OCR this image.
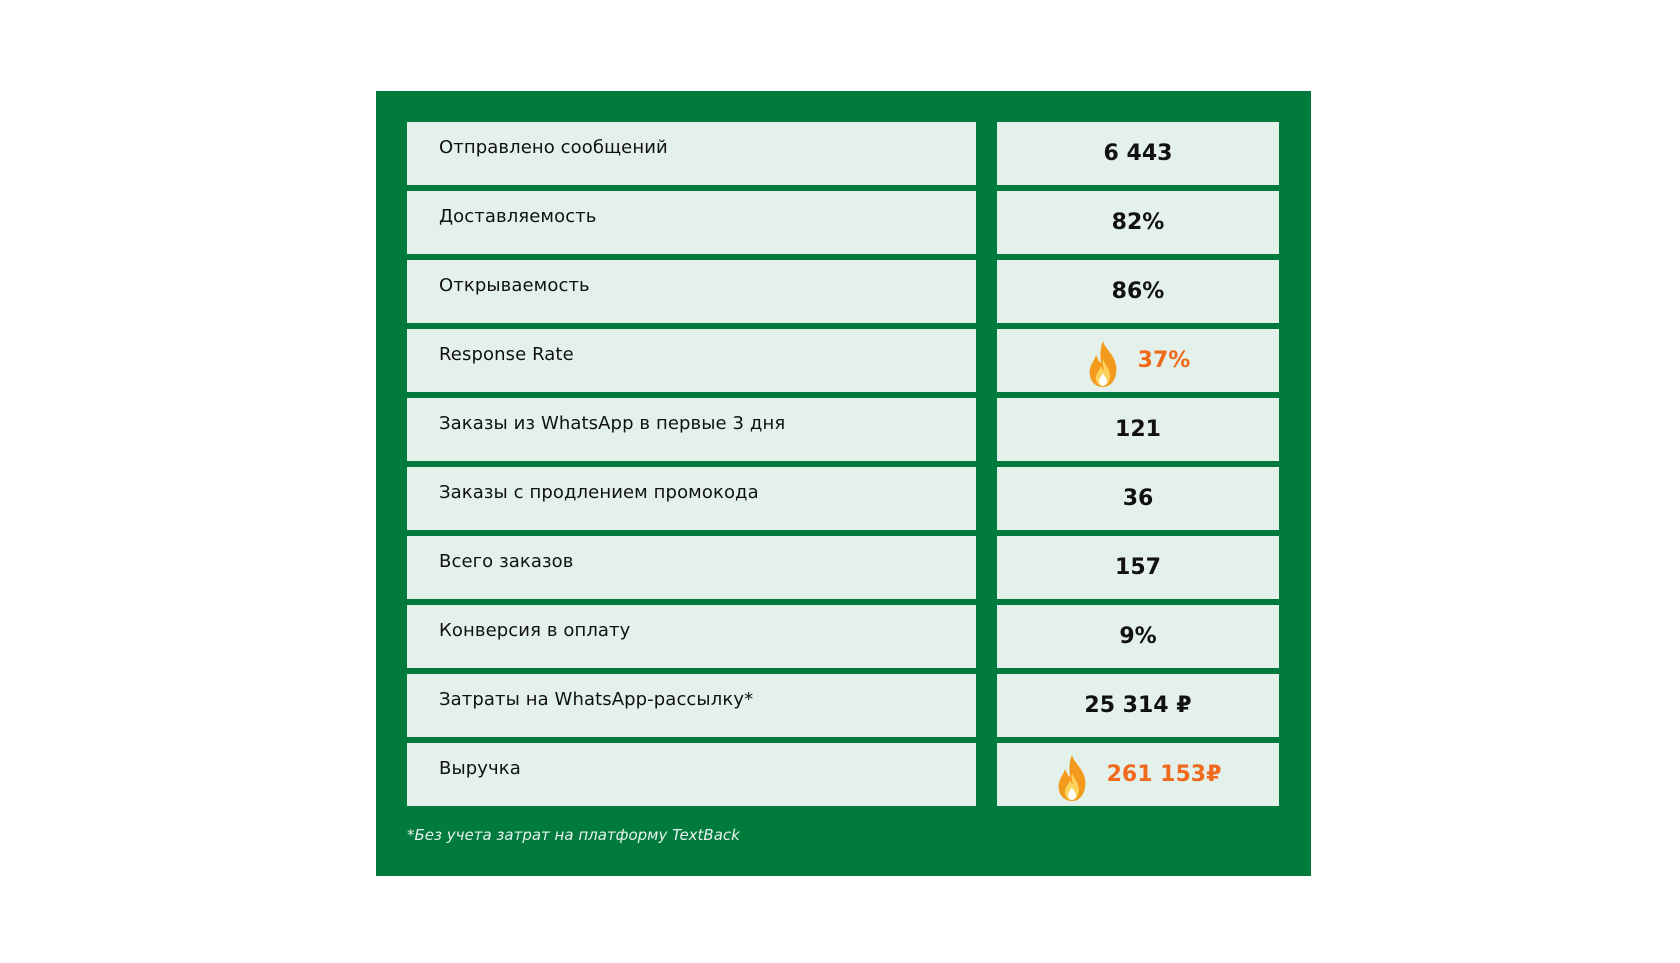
Отправлено сообщений	6 443
Доставляемость	82%
Открываемость	86%
Response Rate	37%
Заказы из WhatsApp в первые 3 дня	121
Заказы с продлением промокода	36
Всего заказов	157
Конверсия в оплату	9%
Затраты на WhatsApp-рассылку*	25 314 ₽
Выручка	261 153₽
*Без учета затрат на платформу TextBack
